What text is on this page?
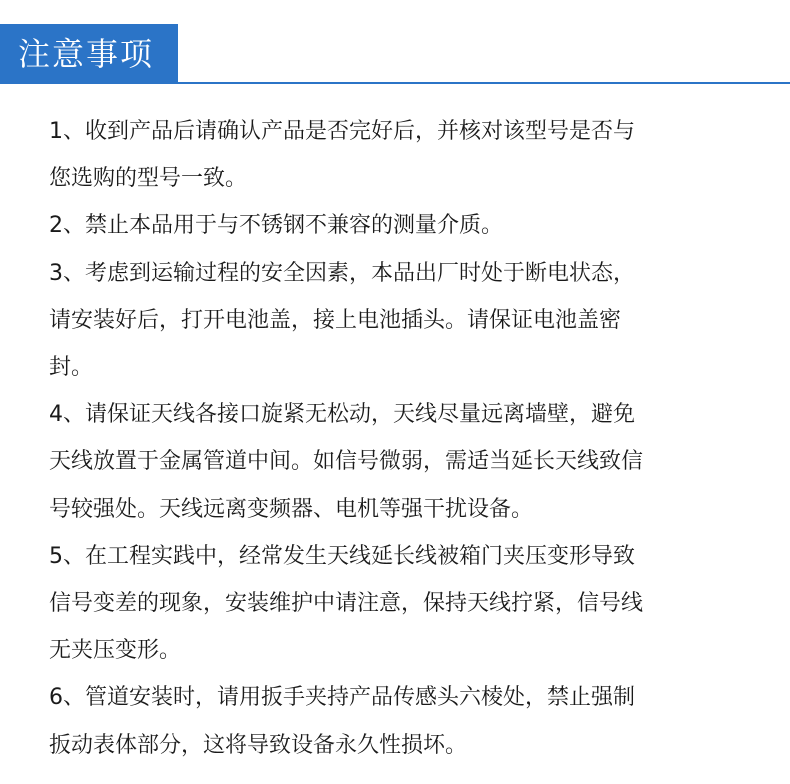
注意事项
1、收到产品后请确认产品是否完好后，并核对该型号是否与
您选购的型号一致。
2、禁止本品用于与不锈钢不兼容的测量介质。
3、考虑到运输过程的安全因素，本品出厂时处于断电状态，
请安装好后，打开电池盖，接上电池插头。请保证电池盖密
封。
4、请保证天线各接口旋紧无松动，天线尽量远离墙壁，避免
天线放置于金属管道中间。如信号微弱，需适当延长天线致信
号较强处。天线远离变频器、电机等强干扰设备。
5、在工程实践中，经常发生天线延长线被箱门夹压变形导致
信号变差的现象，安装维护中请注意，保持天线拧紧，信号线
无夹压变形。
6、管道安装时，请用扳手夹持产品传感头六棱处，禁止强制
扳动表体部分，这将导致设备永久性损坏。
